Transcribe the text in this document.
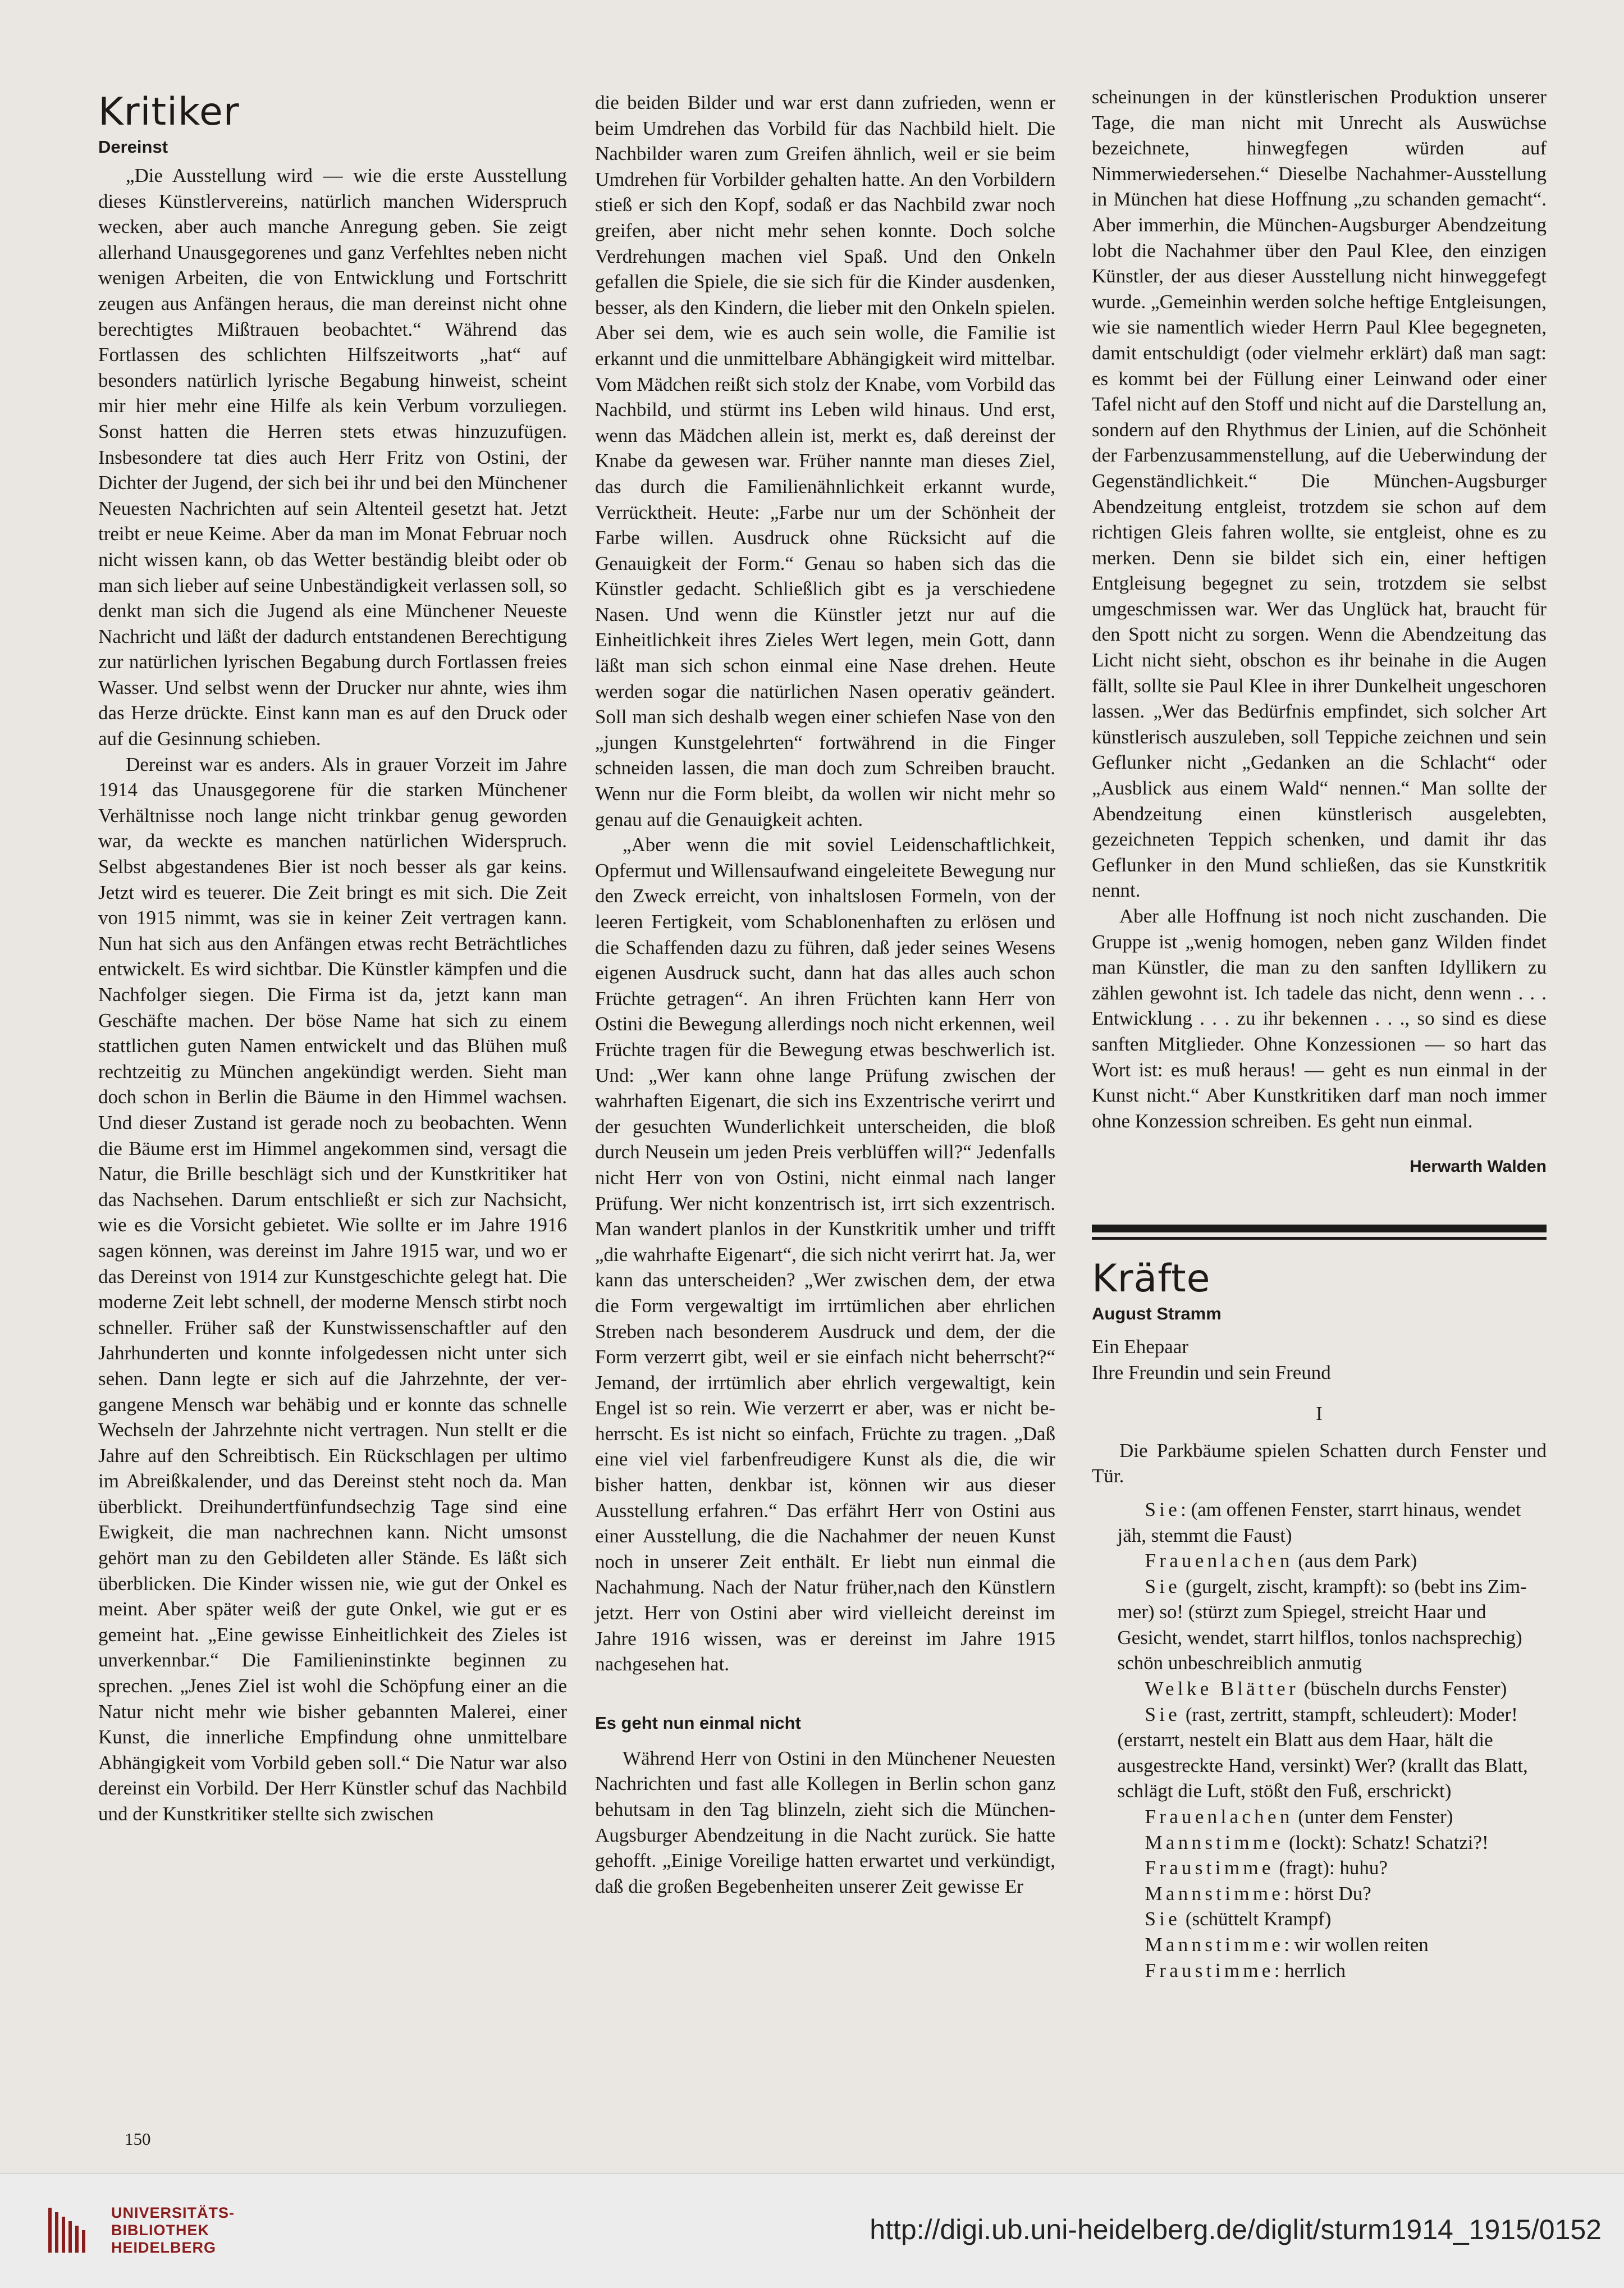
Kritiker
Dereinst

„Die Ausstellung wird — wie die erste Ausstellung dieses Künstlervereins, natürlich manchen Widerspruch wecken, aber auch manche Anregung geben. Sie zeigt allerhand Unausgegorenes und ganz Verfehltes neben nicht wenigen Arbeiten, die von Entwicklung und Fortschritt zeugen aus Anfängen heraus, die man dereinst nicht ohne berechtigtes Mißtrauen beobachtet.“ Während das Fortlassen des schlichten Hilfszeitworts „hat“ auf besonders natürlich lyrische Begabung hinweist, scheint mir hier mehr eine Hilfe als kein Verbum vorzuliegen. Sonst hatten die Herren stets etwas hinzuzufügen. Insbesondere tat dies auch Herr Fritz von Ostini, der Dichter der Jugend, der sich bei ihr und bei den Münchener Neuesten Nachrichten auf sein Altenteil gesetzt hat. Jetzt treibt er neue Keime. Aber da man im Monat Februar noch nicht wissen kann, ob das Wetter beständig bleibt oder ob man sich lieber auf seine Unbeständigkeit verlassen soll, so denkt man sich die Jugend als eine Münchener Neueste Nachricht und läßt der dadurch entstandenen Berechtigung zur natürlichen lyrischen Begabung durch Fortlassen freies Wasser. Und selbst wenn der Drucker nur ahnte, wies ihm das Herze drückte. Einst kann man es auf den Druck oder auf die Gesinnung schieben.

Dereinst war es anders. Als in grauer Vorzeit im Jahre 1914 das Unausgegorene für die starken Münchener Verhältnisse noch lange nicht trinkbar genug geworden war, da weckte es manchen natürlichen Widerspruch. Selbst abgestandenes Bier ist noch besser als gar keins. Jetzt wird es teuerer. Die Zeit bringt es mit sich. Die Zeit von 1915 nimmt, was sie in keiner Zeit vertragen kann. Nun hat sich aus den Anfängen etwas recht Beträchtliches entwickelt. Es wird sichtbar. Die Künstler kämpfen und die Nachfolger siegen. Die Firma ist da, jetzt kann man Geschäfte machen. Der böse Name hat sich zu einem stattlichen guten Namen entwickelt und das Blühen muß rechtzeitig zu München angekündigt werden. Sieht man doch schon in Berlin die Bäume in den Himmel wachsen. Und dieser Zustand ist gerade noch zu beobachten. Wenn die Bäume erst im Himmel angekommen sind, versagt die Natur, die Brille beschlägt sich und der Kunstkritiker hat das Nachsehen. Darum entschließt er sich zur Nachsicht, wie es die Vorsicht gebietet. Wie sollte er im Jahre 1916 sagen können, was dereinst im Jahre 1915 war, und wo er das Dereinst von 1914 zur Kunstgeschichte gelegt hat. Die moderne Zeit lebt schnell, der moderne Mensch stirbt noch schneller. Früher saß der Kunstwissenschaftler auf den Jahrhunderten und konnte infolgedessen nicht unter sich sehen. Dann legte er sich auf die Jahrzehnte, der vergangene Mensch war behäbig und er konnte das schnelle Wechseln der Jahrzehnte nicht vertragen. Nun stellt er die Jahre auf den Schreibtisch. Ein Rückschlagen per ultimo im Abreißkalender, und das Dereinst steht noch da. Man überblickt. Dreihundertfünfundsechzig Tage sind eine Ewigkeit, die man nachrechnen kann. Nicht umsonst gehört man zu den Gebildeten aller Stände. Es läßt sich überblicken. Die Kinder wissen nie, wie gut der Onkel es meint. Aber später weiß der gute Onkel, wie gut er es gemeint hat. „Eine gewisse Einheitlichkeit des Zieles ist unverkennbar.“ Die Familieninstinkte beginnen zu sprechen. „Jenes Ziel ist wohl die Schöpfung einer an die Natur nicht mehr wie bisher gebannten Malerei, einer Kunst, die innerliche Empfindung ohne unmittelbare Abhängigkeit vom Vorbild geben soll.“ Die Natur war also dereinst ein Vorbild. Der Herr Künstler schuf das Nachbild und der Kunstkritiker stellte sich zwischen

die beiden Bilder und war erst dann zufrieden, wenn er beim Umdrehen das Vorbild für das Nachbild hielt. Die Nachbilder waren zum Greifen ähnlich, weil er sie beim Umdrehen für Vorbilder gehalten hatte. An den Vorbildern stieß er sich den Kopf, sodaß er das Nachbild zwar noch greifen, aber nicht mehr sehen konnte. Doch solche Verdrehungen machen viel Spaß. Und den Onkeln gefallen die Spiele, die sie sich für die Kinder ausdenken, besser, als den Kindern, die lieber mit den Onkeln spielen. Aber sei dem, wie es auch sein wolle, die Familie ist erkannt und die unmittelbare Abhängigkeit wird mittelbar. Vom Mädchen reißt sich stolz der Knabe, vom Vorbild das Nachbild, und stürmt ins Leben wild hinaus. Und erst, wenn das Mädchen allein ist, merkt es, daß dereinst der Knabe da gewesen war. Früher nannte man dieses Ziel, das durch die Familienähnlichkeit erkannt wurde, Verrücktheit. Heute: „Farbe nur um der Schönheit der Farbe willen. Ausdruck ohne Rücksicht auf die Genauigkeit der Form.“ Genau so haben sich das die Künstler gedacht. Schließlich gibt es ja verschiedene Nasen. Und wenn die Künstler jetzt nur auf die Einheitlichkeit ihres Zieles Wert legen, mein Gott, dann läßt man sich schon einmal eine Nase drehen. Heute werden sogar die natürlichen Nasen operativ geändert. Soll man sich deshalb wegen einer schiefen Nase von den „jungen Kunstgelehrten“ fortwährend in die Finger schneiden lassen, die man doch zum Schreiben braucht. Wenn nur die Form bleibt, da wollen wir nicht mehr so genau auf die Genauigkeit achten.

„Aber wenn die mit soviel Leidenschaftlichkeit, Opfermut und Willensaufwand eingeleitete Bewegung nur den Zweck erreicht, von inhaltslosen Formeln, von der leeren Fertigkeit, vom Schablonenhaften zu erlösen und die Schaffenden dazu zu führen, daß jeder seines Wesens eigenen Ausdruck sucht, dann hat das alles auch schon Früchte getragen“. An ihren Früchten kann Herr von Ostini die Bewegung allerdings noch nicht erkennen, weil Früchte tragen für die Bewegung etwas beschwerlich ist. Und: „Wer kann ohne lange Prüfung zwischen der wahrhaften Eigenart, die sich ins Exzentrische verirrt und der gesuchten Wunderlichkeit unterscheiden, die bloß durch Neusein um jeden Preis verblüffen will?“ Jedenfalls nicht Herr von von Ostini, nicht einmal nach langer Prüfung. Wer nicht konzentrisch ist, irrt sich exzentrisch. Man wandert planlos in der Kunstkritik umher und trifft „die wahrhafte Eigenart“, die sich nicht verirrt hat. Ja, wer kann das unterscheiden? „Wer zwischen dem, der etwa die Form vergewaltigt im irrtümlichen aber ehrlichen Streben nach besonderem Ausdruck und dem, der die Form verzerrt gibt, weil er sie einfach nicht beherrscht?“ Jemand, der irrtümlich aber ehrlich vergewaltigt, kein Engel ist so rein. Wie verzerrt er aber, was er nicht beherrscht. Es ist nicht so einfach, Früchte zu tragen. „Daß eine viel viel farbenfreudigere Kunst als die, die wir bisher hatten, denkbar ist, können wir aus dieser Ausstellung erfahren.“ Das erfährt Herr von Ostini aus einer Ausstellung, die die Nachahmer der neuen Kunst noch in unserer Zeit enthält. Er liebt nun einmal die Nachahmung. Nach der Natur früher,nach den Künstlern jetzt. Herr von Ostini aber wird vielleicht dereinst im Jahre 1916 wissen, was er dereinst im Jahre 1915 nachgesehen hat.

Es geht nun einmal nicht

Während Herr von Ostini in den Münchener Neuesten Nachrichten und fast alle Kollegen in Berlin schon ganz behutsam in den Tag blinzeln, zieht sich die München-Augsburger Abendzeitung in die Nacht zurück. Sie hatte gehofft. „Einige Voreilige hatten erwartet und verkündigt, daß die großen Begebenheiten unserer Zeit gewisse Er

scheinungen in der künstlerischen Produktion unserer Tage, die man nicht mit Unrecht als Auswüchse bezeichnete, hinwegfegen würden auf Nimmerwiedersehen.“ Dieselbe Nachahmer-Ausstellung in München hat diese Hoffnung „zu schanden gemacht“. Aber immerhin, die München-Augsburger Abendzeitung lobt die Nachahmer über den Paul Klee, den einzigen Künstler, der aus dieser Ausstellung nicht hinweggefegt wurde. „Gemeinhin werden solche heftige Entgleisungen, wie sie namentlich wieder Herrn Paul Klee begegneten, damit entschuldigt (oder vielmehr erklärt) daß man sagt: es kommt bei der Füllung einer Leinwand oder einer Tafel nicht auf den Stoff und nicht auf die Darstellung an, sondern auf den Rhythmus der Linien, auf die Schönheit der Farbenzusammenstellung, auf die Ueberwindung der Gegenständlichkeit.“ Die München-Augsburger Abendzeitung entgleist, trotzdem sie schon auf dem richtigen Gleis fahren wollte, sie entgleist, ohne es zu merken. Denn sie bildet sich ein, einer heftigen Entgleisung begegnet zu sein, trotzdem sie selbst umgeschmissen war. Wer das Unglück hat, braucht für den Spott nicht zu sorgen. Wenn die Abendzeitung das Licht nicht sieht, obschon es ihr beinahe in die Augen fällt, sollte sie Paul Klee in ihrer Dunkelheit ungeschoren lassen. „Wer das Bedürfnis empfindet, sich solcher Art künstlerisch auszuleben, soll Teppiche zeichnen und sein Geflunker nicht „Gedanken an die Schlacht“ oder „Ausblick aus einem Wald“ nennen.“ Man sollte der Abendzeitung einen künstlerisch ausgelebten, gezeichneten Teppich schenken, und damit ihr das Geflunker in den Mund schließen, das sie Kunstkritik nennt.

Aber alle Hoffnung ist noch nicht zuschanden. Die Gruppe ist „wenig homogen, neben ganz Wilden findet man Künstler, die man zu den sanften Idyllikern zu zählen gewohnt ist. Ich tadele das nicht, denn wenn . . . Entwicklung . . . zu ihr bekennen . . ., so sind es diese sanften Mitglieder. Ohne Konzessionen — so hart das Wort ist: es muß heraus! — geht es nun einmal in der Kunst nicht.“ Aber Kunstkritiken darf man noch immer ohne Konzession schreiben. Es geht nun einmal.

Herwarth Walden
Kräfte
August Stramm
Ein Ehepaar
Ihre Freundin und sein Freund
I

Die Parkbäume spielen Schatten durch Fenster und Tür.

Sie: (am offenen Fenster, starrt hinaus, wendet jäh, stemmt die Faust)

Frauenlachen (aus dem Park)

Sie (gurgelt, zischt, krampft): so (bebt ins Zimmer) so! (stürzt zum Spiegel, streicht Haar und Gesicht, wendet, starrt hilflos, tonlos nachsprechig) schön unbeschreiblich anmutig

Welke Blätter (büscheln durchs Fenster)

Sie (rast, zertritt, stampft, schleudert): Moder! (erstarrt, nestelt ein Blatt aus dem Haar, hält die ausgestreckte Hand, versinkt) Wer? (krallt das Blatt, schlägt die Luft, stößt den Fuß, erschrickt)

Frauenlachen (unter dem Fenster)

Mannstimme (lockt): Schatz! Schatzi?!

Fraustimme (fragt): huhu?

Mannstimme: hörst Du?

Sie (schüttelt Krampf)

Mannstimme: wir wollen reiten

Fraustimme: herrlich

150
UNIVERSITÄTS-
BIBLIOTHEK
HEIDELBERG
http://digi.ub.uni-heidelberg.de/diglit/sturm1914_1915/0152
